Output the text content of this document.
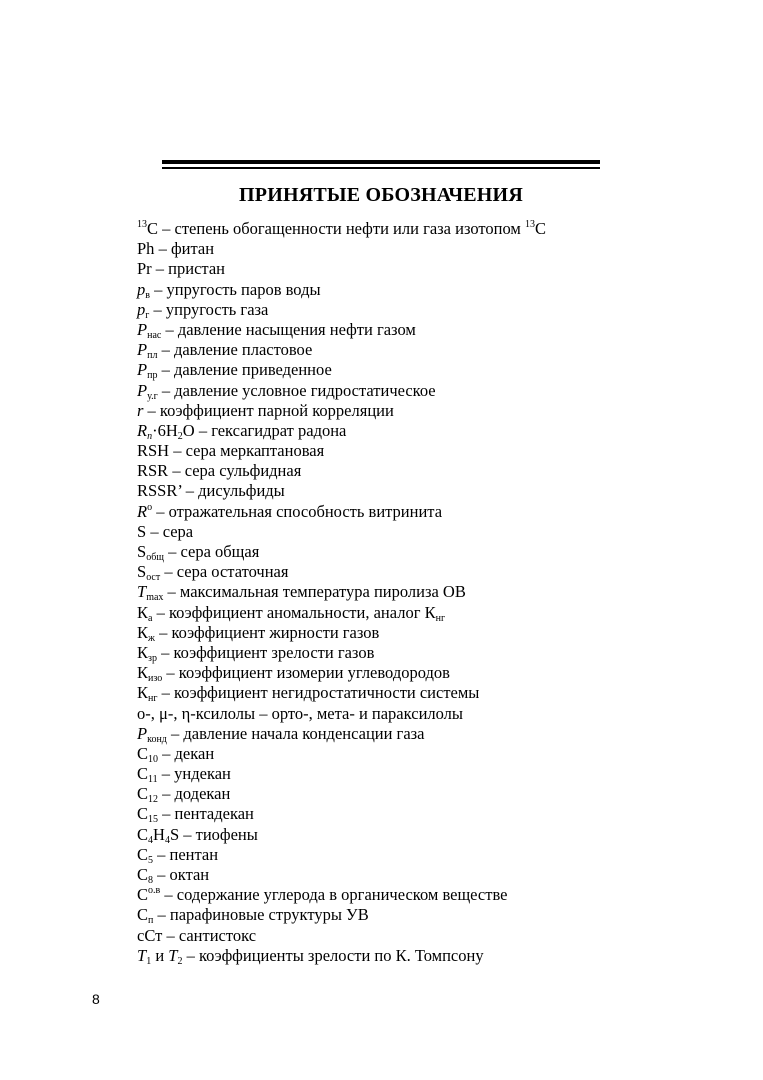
ПРИНЯТЫЕ ОБОЗНАЧЕНИЯ
$^{13}$C – степень обогащенности нефти или газа изотопом $^{13}$C
Ph – фитан
Pr – пристан
$p_в$ – упругость паров воды
$p_г$ – упругость газа
$P_{нас}$ – давление насыщения нефти газом
$P_{пл}$ – давление пластовое
$P_{пр}$ – давление приведенное
$P_{у.г}$ – давление условное гидростатическое
r – коэффициент парной корреляции
$R_n\cdot 6H_2O$ – гексагидрат радона
RSH – сера меркаптановая
RSR – сера сульфидная
RSSR’ – дисульфиды
$R^o$ – отражательная способность витринита
S – сера
$S_{общ}$ – сера общая
$S_{ост}$ – сера остаточная
$T_{max}$ – максимальная температура пиролиза ОВ
$К_а$ – коэффициент аномальности, аналог $К_{нг}$
$К_ж$ – коэффициент жирности газов
$К_{зр}$ – коэффициент зрелости газов
$К_{изо}$ – коэффициент изомерии углеводородов
$К_{нг}$ – коэффициент негидростатичности системы
o-, μ-, η-ксилолы – орто-, мета- и параксилолы
$P_{конд}$ – давление начала конденсации газа
$C_{10}$ – декан
$C_{11}$ – ундекан
$C_{12}$ – додекан
$C_{15}$ – пентадекан
$C_4H_4S$ – тиофены
$C_5$ – пентан
$C_8$ – октан
$C^{о.в}$ – содержание углерода в органическом веществе
$C_п$ – парафиновые структуры УВ
сСт – сантистокс
$T_1$ и $T_2$ – коэффициенты зрелости по К. Томпсону
8
